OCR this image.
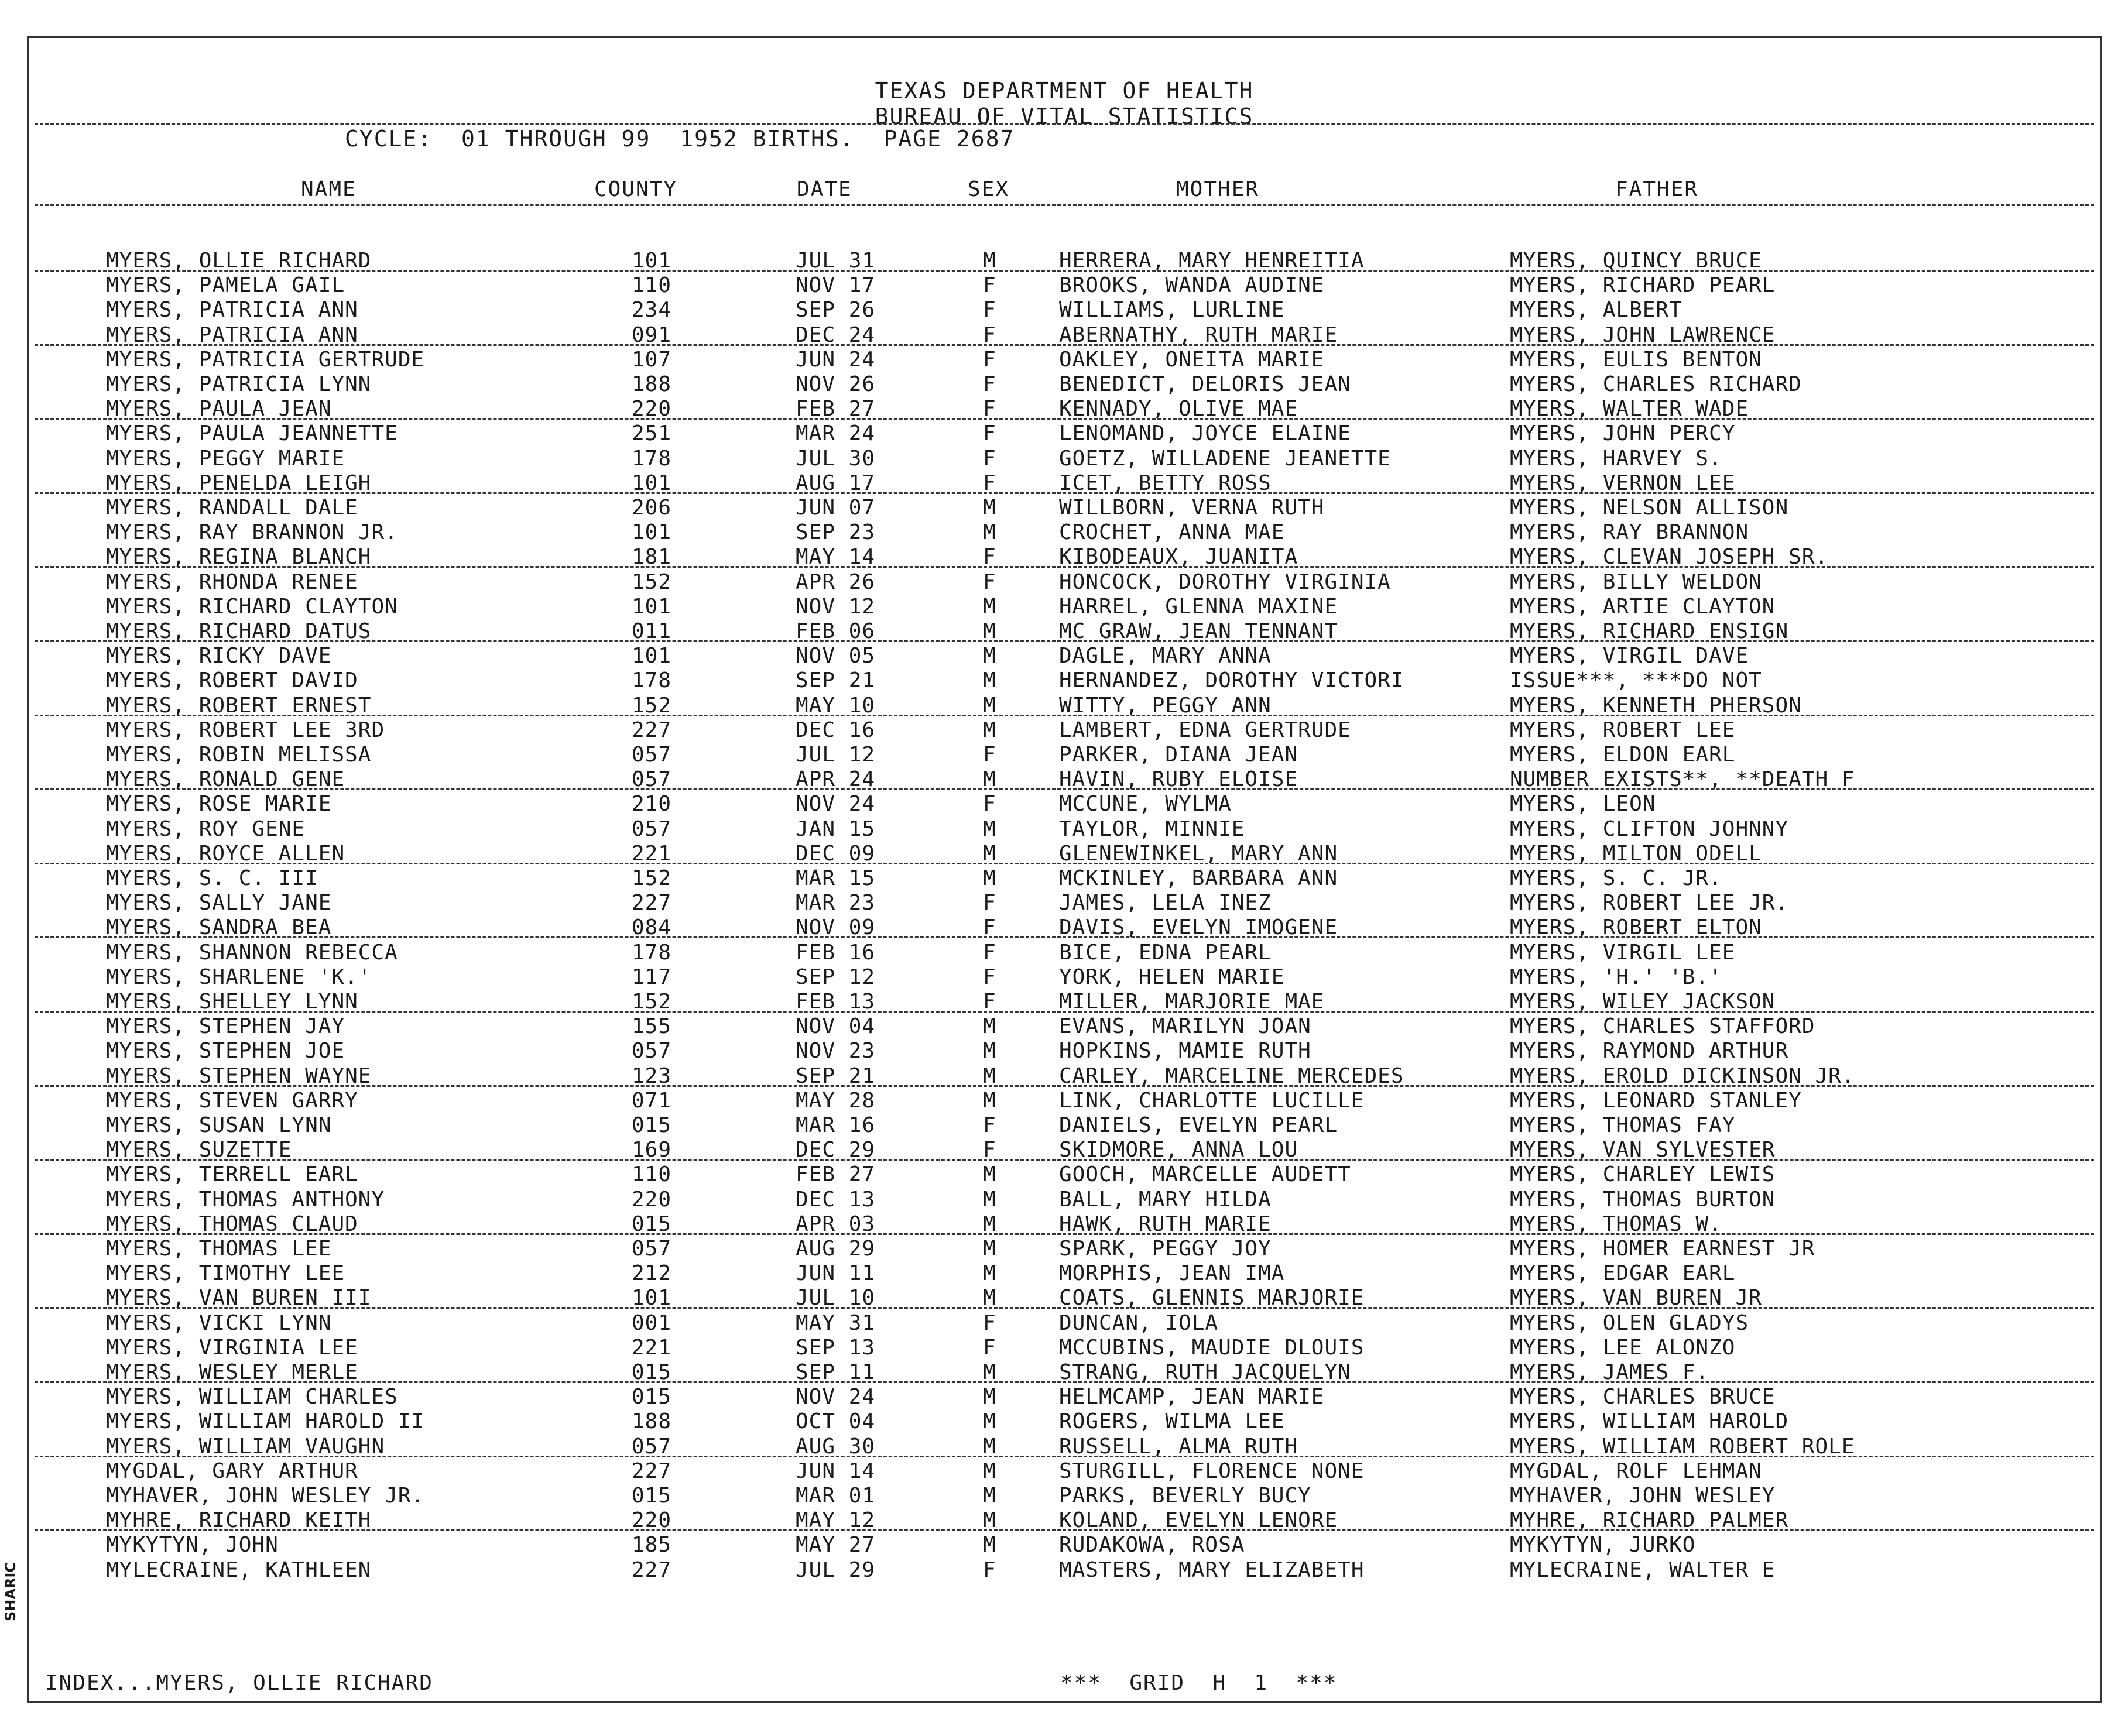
TEXAS DEPARTMENT OF HEALTH
BUREAU OF VITAL STATISTICS
CYCLE:  01 THROUGH 99  1952 BIRTHS.  PAGE 2687
NAME	COUNTY	DATE	SEX	MOTHER	FATHER
MYERS, OLLIE RICHARD	101	JUL 31	M	HERRERA, MARY HENREITIA	MYERS, QUINCY BRUCE
MYERS, PAMELA GAIL	110	NOV 17	F	BROOKS, WANDA AUDINE	MYERS, RICHARD PEARL
MYERS, PATRICIA ANN	234	SEP 26	F	WILLIAMS, LURLINE	MYERS, ALBERT
MYERS, PATRICIA ANN	091	DEC 24	F	ABERNATHY, RUTH MARIE	MYERS, JOHN LAWRENCE
MYERS, PATRICIA GERTRUDE	107	JUN 24	F	OAKLEY, ONEITA MARIE	MYERS, EULIS BENTON
MYERS, PATRICIA LYNN	188	NOV 26	F	BENEDICT, DELORIS JEAN	MYERS, CHARLES RICHARD
MYERS, PAULA JEAN	220	FEB 27	F	KENNADY, OLIVE MAE	MYERS, WALTER WADE
MYERS, PAULA JEANNETTE	251	MAR 24	F	LENOMAND, JOYCE ELAINE	MYERS, JOHN PERCY
MYERS, PEGGY MARIE	178	JUL 30	F	GOETZ, WILLADENE JEANETTE	MYERS, HARVEY S.
MYERS, PENELDA LEIGH	101	AUG 17	F	ICET, BETTY ROSS	MYERS, VERNON LEE
MYERS, RANDALL DALE	206	JUN 07	M	WILLBORN, VERNA RUTH	MYERS, NELSON ALLISON
MYERS, RAY BRANNON JR.	101	SEP 23	M	CROCHET, ANNA MAE	MYERS, RAY BRANNON
MYERS, REGINA BLANCH	181	MAY 14	F	KIBODEAUX, JUANITA	MYERS, CLEVAN JOSEPH SR.
MYERS, RHONDA RENEE	152	APR 26	F	HONCOCK, DOROTHY VIRGINIA	MYERS, BILLY WELDON
MYERS, RICHARD CLAYTON	101	NOV 12	M	HARREL, GLENNA MAXINE	MYERS, ARTIE CLAYTON
MYERS, RICHARD DATUS	011	FEB 06	M	MC GRAW, JEAN TENNANT	MYERS, RICHARD ENSIGN
MYERS, RICKY DAVE	101	NOV 05	M	DAGLE, MARY ANNA	MYERS, VIRGIL DAVE
MYERS, ROBERT DAVID	178	SEP 21	M	HERNANDEZ, DOROTHY VICTORI	ISSUE***, ***DO NOT
MYERS, ROBERT ERNEST	152	MAY 10	M	WITTY, PEGGY ANN	MYERS, KENNETH PHERSON
MYERS, ROBERT LEE 3RD	227	DEC 16	M	LAMBERT, EDNA GERTRUDE	MYERS, ROBERT LEE
MYERS, ROBIN MELISSA	057	JUL 12	F	PARKER, DIANA JEAN	MYERS, ELDON EARL
MYERS, RONALD GENE	057	APR 24	M	HAVIN, RUBY ELOISE	NUMBER EXISTS**, **DEATH F
MYERS, ROSE MARIE	210	NOV 24	F	MCCUNE, WYLMA	MYERS, LEON
MYERS, ROY GENE	057	JAN 15	M	TAYLOR, MINNIE	MYERS, CLIFTON JOHNNY
MYERS, ROYCE ALLEN	221	DEC 09	M	GLENEWINKEL, MARY ANN	MYERS, MILTON ODELL
MYERS, S. C. III	152	MAR 15	M	MCKINLEY, BARBARA ANN	MYERS, S. C. JR.
MYERS, SALLY JANE	227	MAR 23	F	JAMES, LELA INEZ	MYERS, ROBERT LEE JR.
MYERS, SANDRA BEA	084	NOV 09	F	DAVIS, EVELYN IMOGENE	MYERS, ROBERT ELTON
MYERS, SHANNON REBECCA	178	FEB 16	F	BICE, EDNA PEARL	MYERS, VIRGIL LEE
MYERS, SHARLENE 'K.'	117	SEP 12	F	YORK, HELEN MARIE	MYERS, 'H.' 'B.'
MYERS, SHELLEY LYNN	152	FEB 13	F	MILLER, MARJORIE MAE	MYERS, WILEY JACKSON
MYERS, STEPHEN JAY	155	NOV 04	M	EVANS, MARILYN JOAN	MYERS, CHARLES STAFFORD
MYERS, STEPHEN JOE	057	NOV 23	M	HOPKINS, MAMIE RUTH	MYERS, RAYMOND ARTHUR
MYERS, STEPHEN WAYNE	123	SEP 21	M	CARLEY, MARCELINE MERCEDES	MYERS, EROLD DICKINSON JR.
MYERS, STEVEN GARRY	071	MAY 28	M	LINK, CHARLOTTE LUCILLE	MYERS, LEONARD STANLEY
MYERS, SUSAN LYNN	015	MAR 16	F	DANIELS, EVELYN PEARL	MYERS, THOMAS FAY
MYERS, SUZETTE	169	DEC 29	F	SKIDMORE, ANNA LOU	MYERS, VAN SYLVESTER
MYERS, TERRELL EARL	110	FEB 27	M	GOOCH, MARCELLE AUDETT	MYERS, CHARLEY LEWIS
MYERS, THOMAS ANTHONY	220	DEC 13	M	BALL, MARY HILDA	MYERS, THOMAS BURTON
MYERS, THOMAS CLAUD	015	APR 03	M	HAWK, RUTH MARIE	MYERS, THOMAS W.
MYERS, THOMAS LEE	057	AUG 29	M	SPARK, PEGGY JOY	MYERS, HOMER EARNEST JR
MYERS, TIMOTHY LEE	212	JUN 11	M	MORPHIS, JEAN IMA	MYERS, EDGAR EARL
MYERS, VAN BUREN III	101	JUL 10	M	COATS, GLENNIS MARJORIE	MYERS, VAN BUREN JR
MYERS, VICKI LYNN	001	MAY 31	F	DUNCAN, IOLA	MYERS, OLEN GLADYS
MYERS, VIRGINIA LEE	221	SEP 13	F	MCCUBINS, MAUDIE DLOUIS	MYERS, LEE ALONZO
MYERS, WESLEY MERLE	015	SEP 11	M	STRANG, RUTH JACQUELYN	MYERS, JAMES F.
MYERS, WILLIAM CHARLES	015	NOV 24	M	HELMCAMP, JEAN MARIE	MYERS, CHARLES BRUCE
MYERS, WILLIAM HAROLD II	188	OCT 04	M	ROGERS, WILMA LEE	MYERS, WILLIAM HAROLD
MYERS, WILLIAM VAUGHN	057	AUG 30	M	RUSSELL, ALMA RUTH	MYERS, WILLIAM ROBERT ROLE
MYGDAL, GARY ARTHUR	227	JUN 14	M	STURGILL, FLORENCE NONE	MYGDAL, ROLF LEHMAN
MYHAVER, JOHN WESLEY JR.	015	MAR 01	M	PARKS, BEVERLY BUCY	MYHAVER, JOHN WESLEY
MYHRE, RICHARD KEITH	220	MAY 12	M	KOLAND, EVELYN LENORE	MYHRE, RICHARD PALMER
MYKYTYN, JOHN	185	MAY 27	M	RUDAKOWA, ROSA	MYKYTYN, JURKO
MYLECRAINE, KATHLEEN	227	JUL 29	F	MASTERS, MARY ELIZABETH	MYLECRAINE, WALTER E
INDEX...MYERS, OLLIE RICHARD	***  GRID  H  1  ***
SHARIC
